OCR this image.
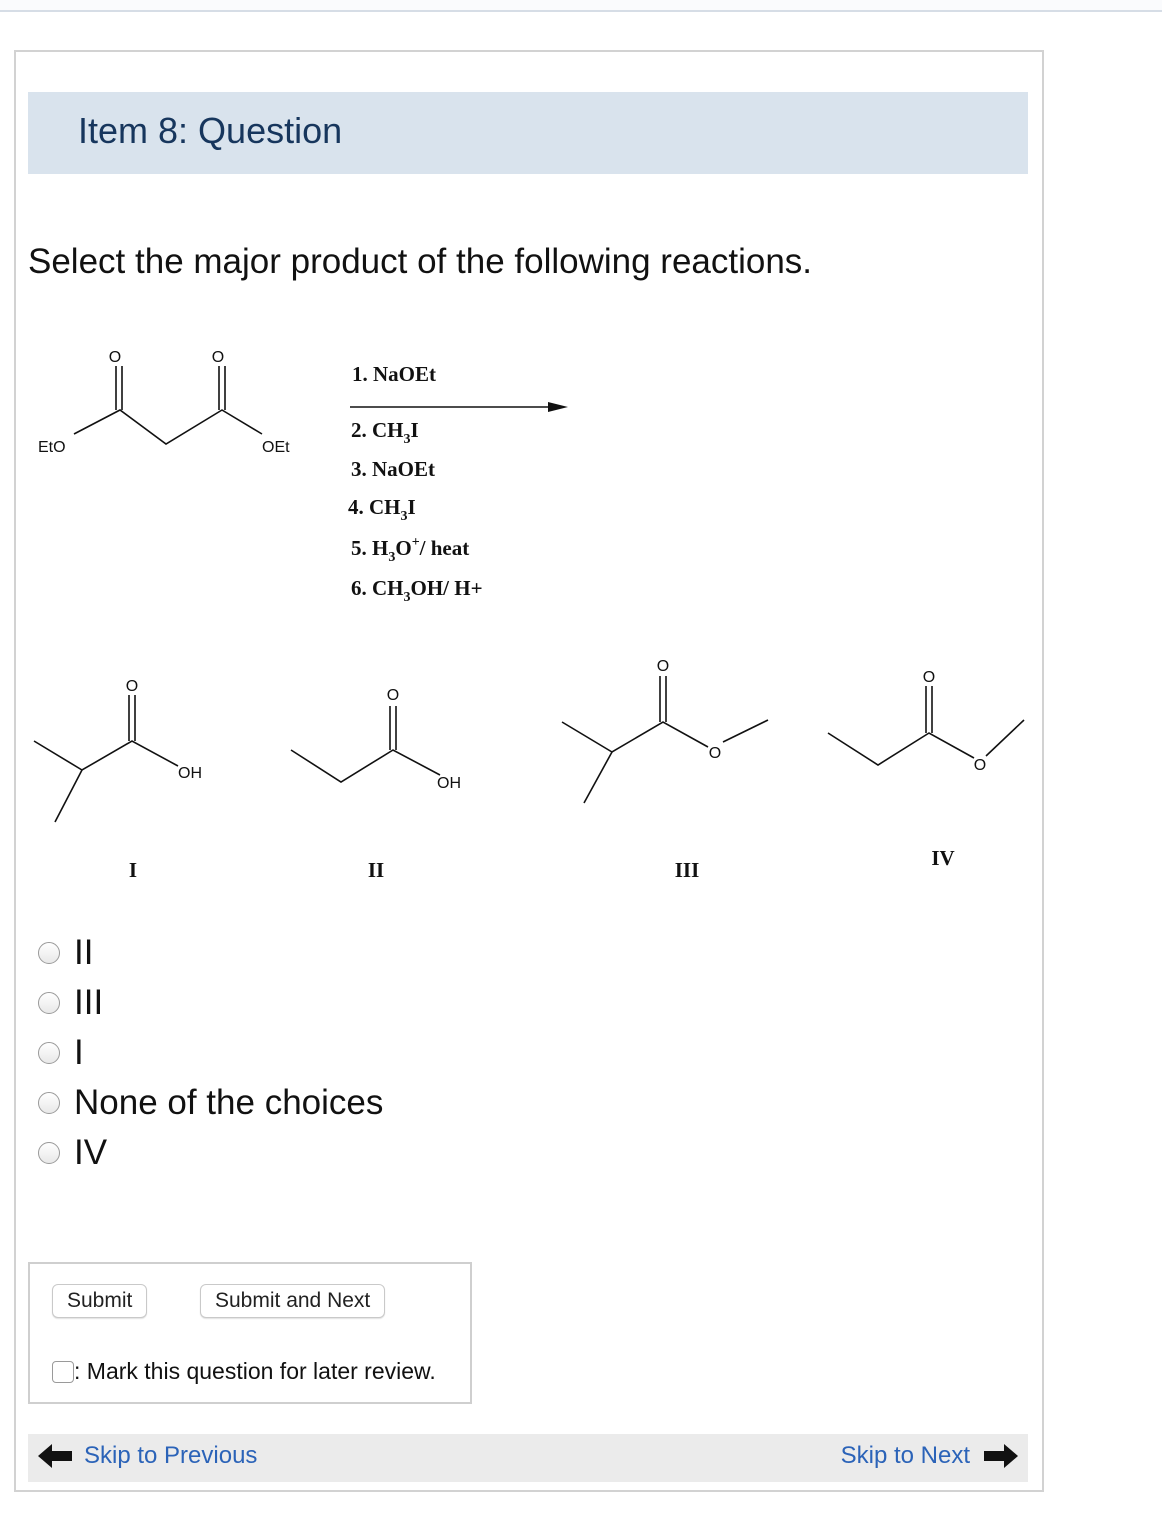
Item 8: Question
Select the major product of the following reactions.
O	O
EtO	OEt
1. NaOEt
2. $CH_3I$
3. NaOEt
4. $CH_3I$
5. $H_3O^+/$ heat
6. $CH_3OH/$ H+
O
OH
O
OH
O
O
O
O
I	II	III	IV
II
III
I
None of the choices
IV
Submit	Submit and Next
: Mark this question for later review.
Skip to Previous	Skip to Next
